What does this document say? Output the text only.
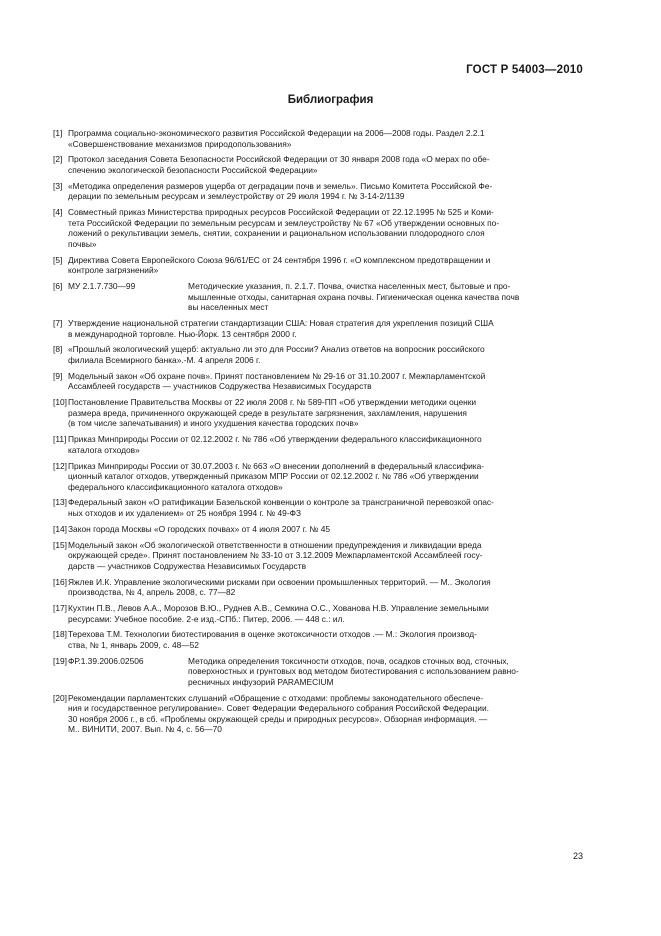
ГОСТ Р 54003—2010
Библиография
[1] Программа социально-экономического развития Российской Федерации на 2006—2008 годы. Раздел 2.2.1
«Совершенствование механизмов природопользования»
[2] Протокол заседания Совета Безопасности Российской Федерации от 30 января 2008 года «О мерах по обе-
спечению экологической безопасности Российской Федерации»
[3] «Методика определения размеров ущерба от деградации почв и земель». Письмо Комитета Российской Фе-
дерации по земельным ресурсам и землеустройству от 29 июля 1994 г. № 3-14-2/1139
[4] Совместный приказ Министерства природных ресурсов Российской Федерации от 22.12.1995 № 525 и Коми-
тета Российской Федерации по земельным ресурсам и землеустройству № 67 «Об утверждении основных по-
ложений о рекультивации земель, снятии, сохранении и рациональном использовании плодородного слоя
почвы»
[5] Директива Совета Европейского Союза 96/61/ЕС от 24 сентября 1996 г. «О комплексном предотвращении и
контроле загрязнений»
[6] МУ 2.1.7.730—99	Методические указания, п. 2.1.7. Почва, очистка населенных мест, бытовые и про-
мышленные отходы, санитарная охрана почвы. Гигиеническая оценка качества почв
вы населенных мест
[7] Утверждение национальной стратегии стандартизации США: Новая стратегия для укрепления позиций США
в международной торговле. Нью-Йорк. 13 сентября 2000 г.
[8] «Прошлый экологический ущерб: актуально ли это для России? Анализ ответов на вопросник российского
филиала Всемирного банка».-М. 4 апреля 2006 г.
[9] Модельный закон «Об охране почв». Принят постановлением № 29-16 от 31.10.2007 г. Межпарламентской
Ассамблеей государств — участников Содружества Независимых Государств
[10] Постановление Правительства Москвы от 22 июля 2008 г. № 589-ПП «Об утверждении методики оценки
размера вреда, причиненного окружающей среде в результате загрязнения, захламления, нарушения
(в том числе запечатывания) и иного ухудшения качества городских почв»
[11] Приказ Минприроды России от 02.12.2002 г. № 786 «Об утверждении федерального классификационного
каталога отходов»
[12] Приказ Минприроды России от 30.07.2003 г. № 663 «О внесении дополнений в федеральный классифика-
ционный каталог отходов, утвержденный приказом МПР России от 02.12.2002 г. № 786 «Об утверждении
федерального классификационного каталога отходов»
[13] Федеральный закон «О ратификации Базельской конвенции о контроле за трансграничной перевозкой опас-
ных отходов и их удалением» от 25 ноября 1994 г. № 49-ФЗ
[14] Закон города Москвы «О городских почвах» от 4 июля 2007 г. № 45
[15] Модельный закон «Об экологической ответственности в отношении предупреждения и ликвидации вреда
окружающей среде». Принят постановлением № 33-10 от 3.12.2009 Межпарламентской Ассамблеей госу-
дарств — участников Содружества Независимых Государств
[16] Яжлев И.К. Управление экологическими рисками при освоении промышленных территорий. — М.. Экология
производства, № 4, апрель 2008, с. 77—82
[17] Кухтин П.В., Левов А.А., Морозов В.Ю., Руднев А.В., Семкина О.С., Хованова Н.В. Управление земельными
ресурсами: Учебное пособие. 2-е изд.-СПб.: Питер, 2006. — 448 с.: ил.
[18] Терехова Т.М. Технологии биотестирования в оценке экотоксичности отходов .— М.: Экология производ-
ства, № 1, январь 2009, с. 48—52
[19] ФР.1.39.2006.02506	Методика определения токсичности отходов, почв, осадков сточных вод, сточных,
поверхностных и грунтовых вод методом биотестирования с использованием равно-
ресничных инфузорий PARAMECIUM
[20] Рекомендации парламентских слушаний «Обращение с отходами: проблемы законодательного обеспече-
ния и государственное регулирование». Совет Федерации Федерального собрания Российской Федерации.
30 ноября 2006 г., в сб. «Проблемы окружающей среды и природных ресурсов». Обзорная информация. —
М.. ВИНИТИ, 2007. Вып. № 4, с. 56—70
23
